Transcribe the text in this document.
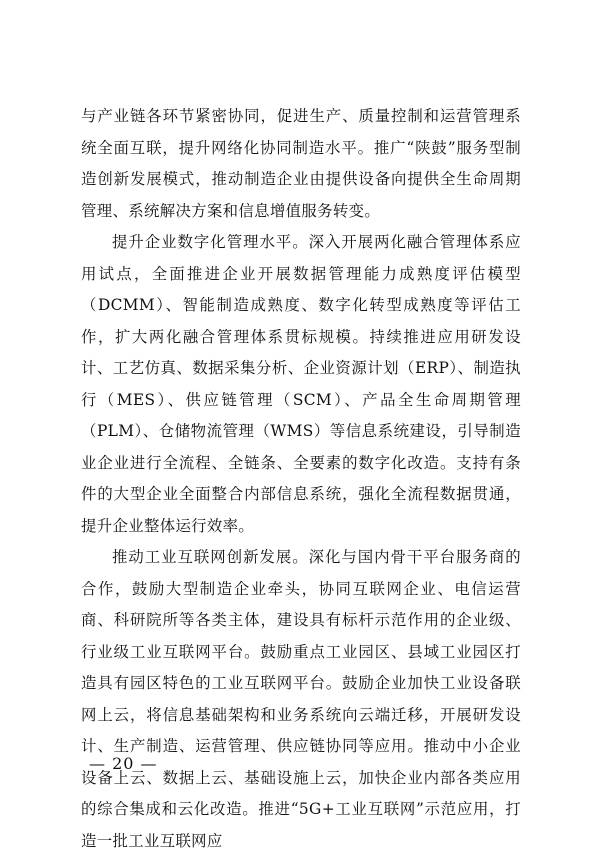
与产业链各环节紧密协同，促进生产、质量控制和运营管理系统全面互联，提升网络化协同制造水平。推广“陕鼓”服务型制造创新发展模式，推动制造企业由提供设备向提供全生命周期管理、系统解决方案和信息增值服务转变。

提升企业数字化管理水平。深入开展两化融合管理体系应用试点，全面推进企业开展数据管理能力成熟度评估模型（DCMM）、智能制造成熟度、数字化转型成熟度等评估工作，扩大两化融合管理体系贯标规模。持续推进应用研发设计、工艺仿真、数据采集分析、企业资源计划（ERP）、制造执行（MES）、供应链管理（SCM）、产品全生命周期管理（PLM）、仓储物流管理（WMS）等信息系统建设，引导制造业企业进行全流程、全链条、全要素的数字化改造。支持有条件的大型企业全面整合内部信息系统，强化全流程数据贯通，提升企业整体运行效率。

推动工业互联网创新发展。深化与国内骨干平台服务商的合作，鼓励大型制造企业牵头，协同互联网企业、电信运营商、科研院所等各类主体，建设具有标杆示范作用的企业级、行业级工业互联网平台。鼓励重点工业园区、县域工业园区打造具有园区特色的工业互联网平台。鼓励企业加快工业设备联网上云，将信息基础架构和业务系统向云端迁移，开展研发设计、生产制造、运营管理、供应链协同等应用。推动中小企业设备上云、数据上云、基础设施上云，加快企业内部各类应用的综合集成和云化改造。推进“5G+工业互联网”示范应用，打造一批工业互联网应

— 20 —
